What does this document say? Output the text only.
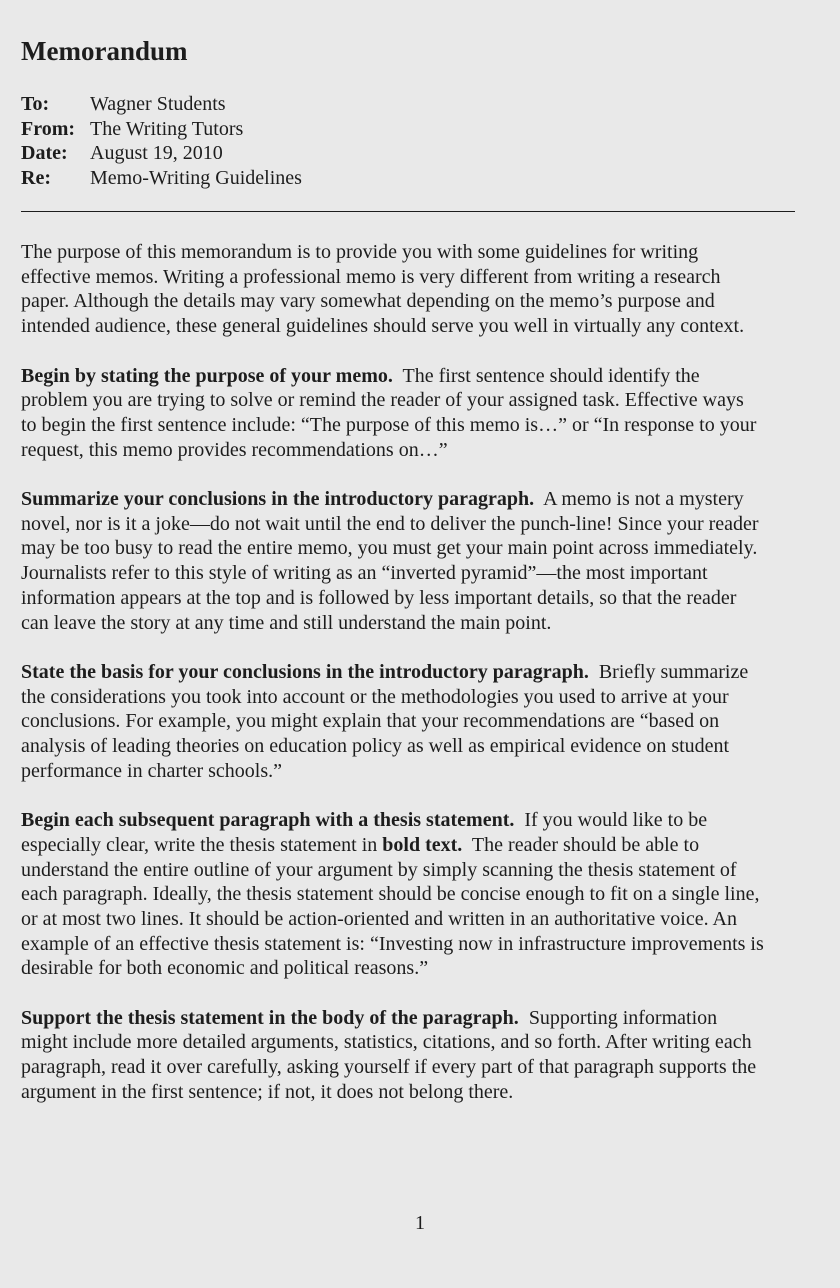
Memorandum
To:	Wagner Students
From: The Writing Tutors
Date:	August 19, 2010
Re:	Memo-Writing Guidelines
The purpose of this memorandum is to provide you with some guidelines for writing
effective memos. Writing a professional memo is very different from writing a research
paper. Although the details may vary somewhat depending on the memo’s purpose and
intended audience, these general guidelines should serve you well in virtually any context.
Begin by stating the purpose of your memo.  The first sentence should identify the
problem you are trying to solve or remind the reader of your assigned task. Effective ways
to begin the first sentence include: “The purpose of this memo is…” or “In response to your
request, this memo provides recommendations on…”
Summarize your conclusions in the introductory paragraph.  A memo is not a mystery
novel, nor is it a joke—do not wait until the end to deliver the punch-line! Since your reader
may be too busy to read the entire memo, you must get your main point across immediately.
Journalists refer to this style of writing as an “inverted pyramid”—the most important
information appears at the top and is followed by less important details, so that the reader
can leave the story at any time and still understand the main point.
State the basis for your conclusions in the introductory paragraph.  Briefly summarize
the considerations you took into account or the methodologies you used to arrive at your
conclusions. For example, you might explain that your recommendations are “based on
analysis of leading theories on education policy as well as empirical evidence on student
performance in charter schools.”
Begin each subsequent paragraph with a thesis statement.  If you would like to be
especially clear, write the thesis statement in bold text.  The reader should be able to
understand the entire outline of your argument by simply scanning the thesis statement of
each paragraph. Ideally, the thesis statement should be concise enough to fit on a single line,
or at most two lines. It should be action-oriented and written in an authoritative voice. An
example of an effective thesis statement is: “Investing now in infrastructure improvements is
desirable for both economic and political reasons.”
Support the thesis statement in the body of the paragraph.  Supporting information
might include more detailed arguments, statistics, citations, and so forth. After writing each
paragraph, read it over carefully, asking yourself if every part of that paragraph supports the
argument in the first sentence; if not, it does not belong there.
1
